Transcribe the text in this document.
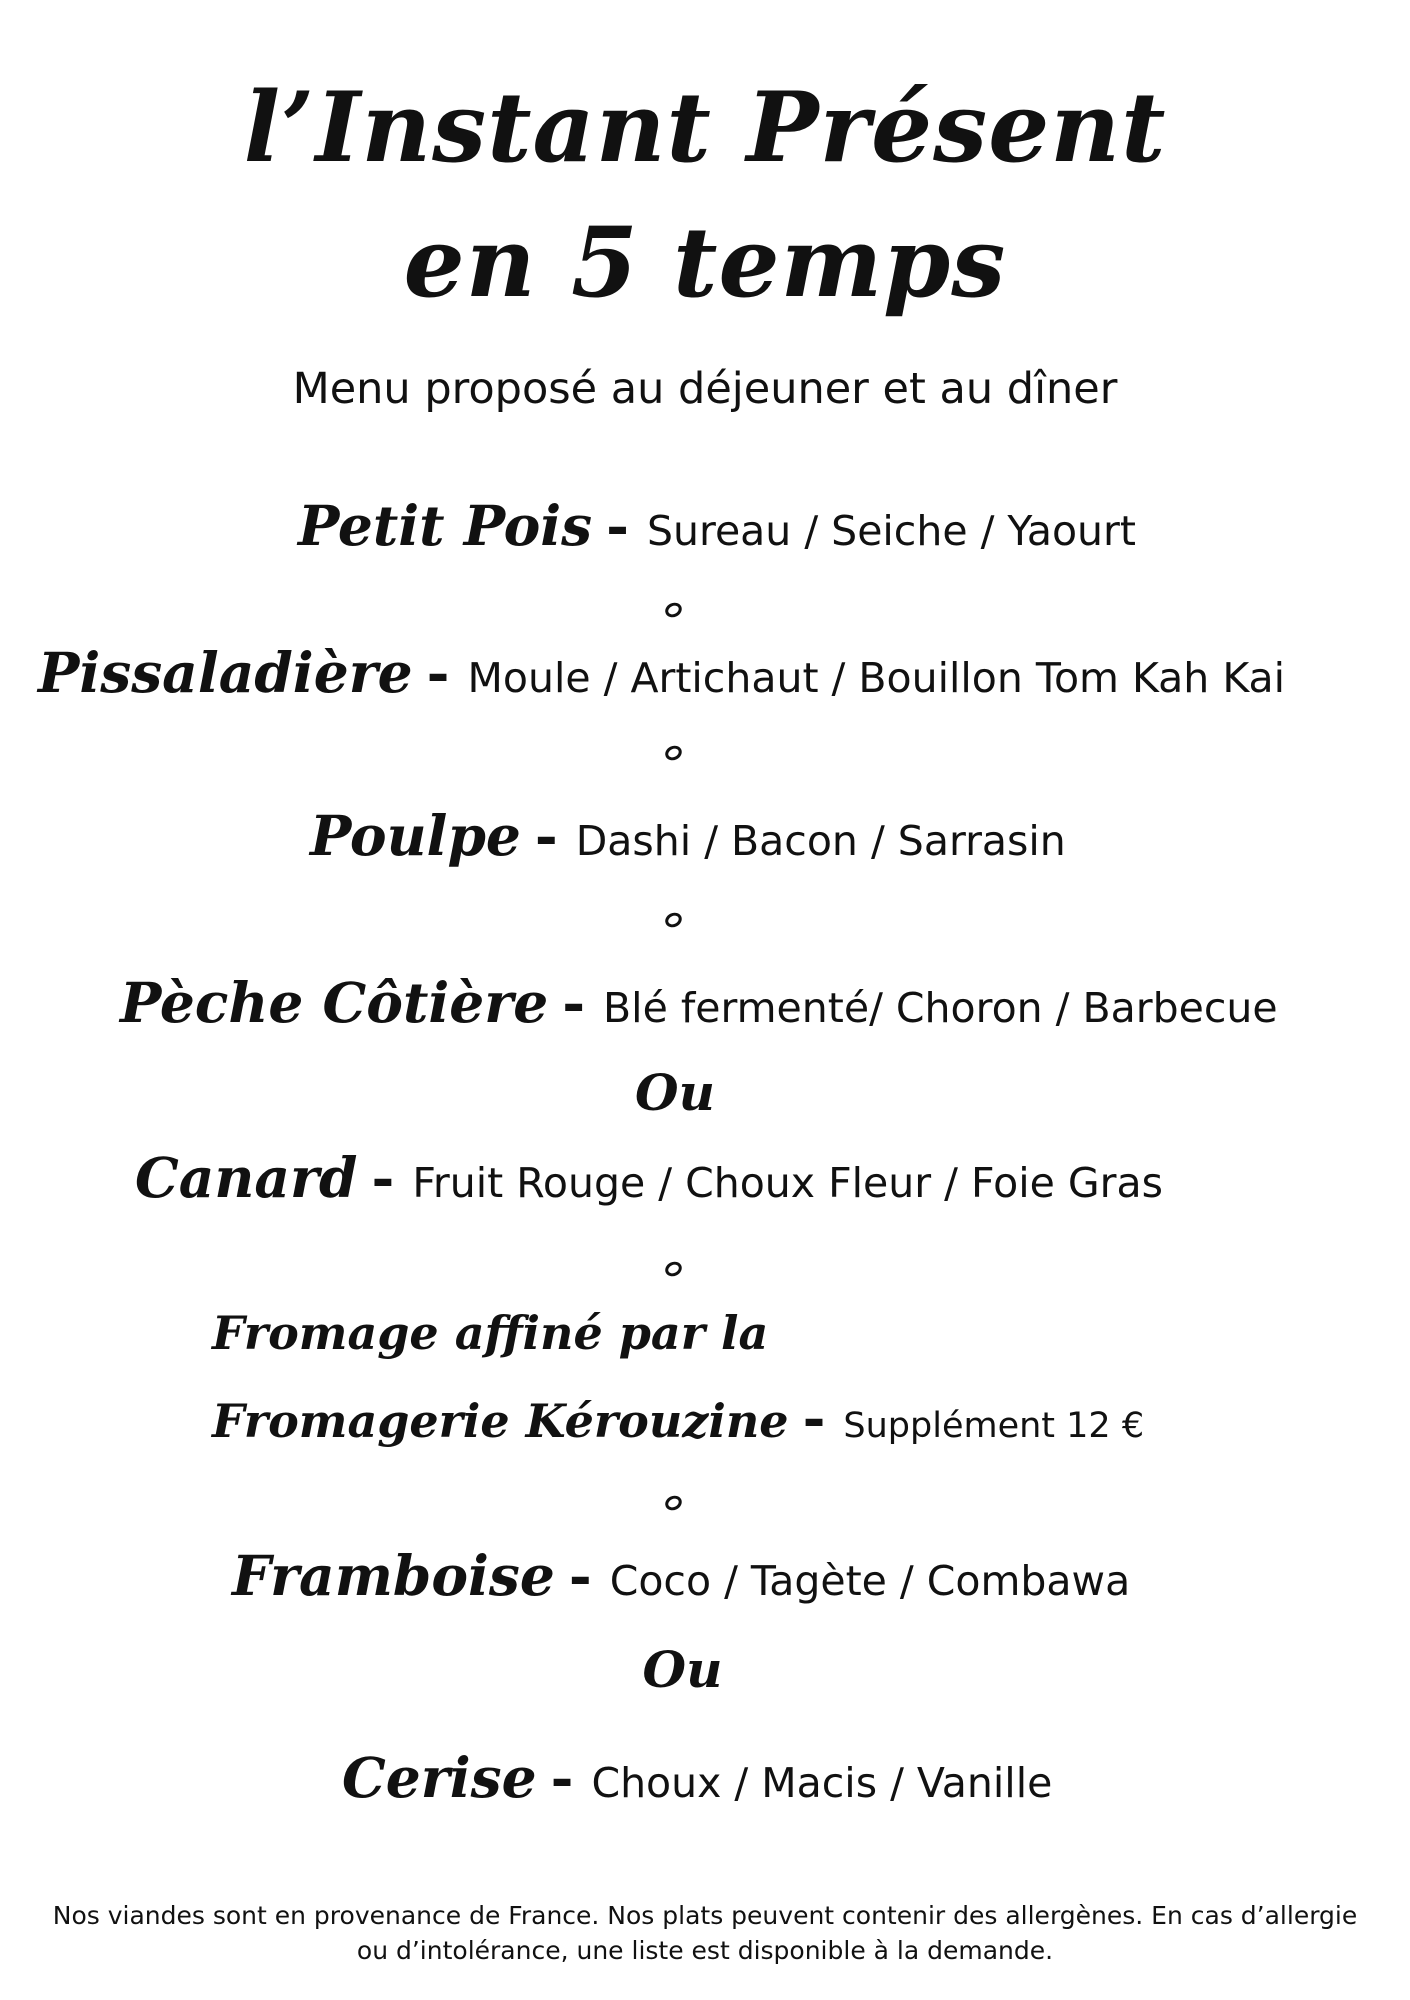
l’Instant Présent
en 5 temps
Menu proposé au déjeuner et au dîner
Petit Pois - Sureau / Seiche / Yaourt
Pissaladière - Moule / Artichaut / Bouillon Tom Kah Kai
Poulpe - Dashi / Bacon / Sarrasin
Pèche Côtière - Blé fermenté/ Choron / Barbecue
Ou
Canard - Fruit Rouge / Choux Fleur / Foie Gras
Fromage affiné par la
Fromagerie Kérouzine - Supplément 12 €
Framboise - Coco / Tagète / Combawa
Ou
Cerise - Choux / Macis / Vanille
Nos viandes sont en provenance de France. Nos plats peuvent contenir des allergènes. En cas d’allergie ou d’intolérance, une liste est disponible à la demande.
